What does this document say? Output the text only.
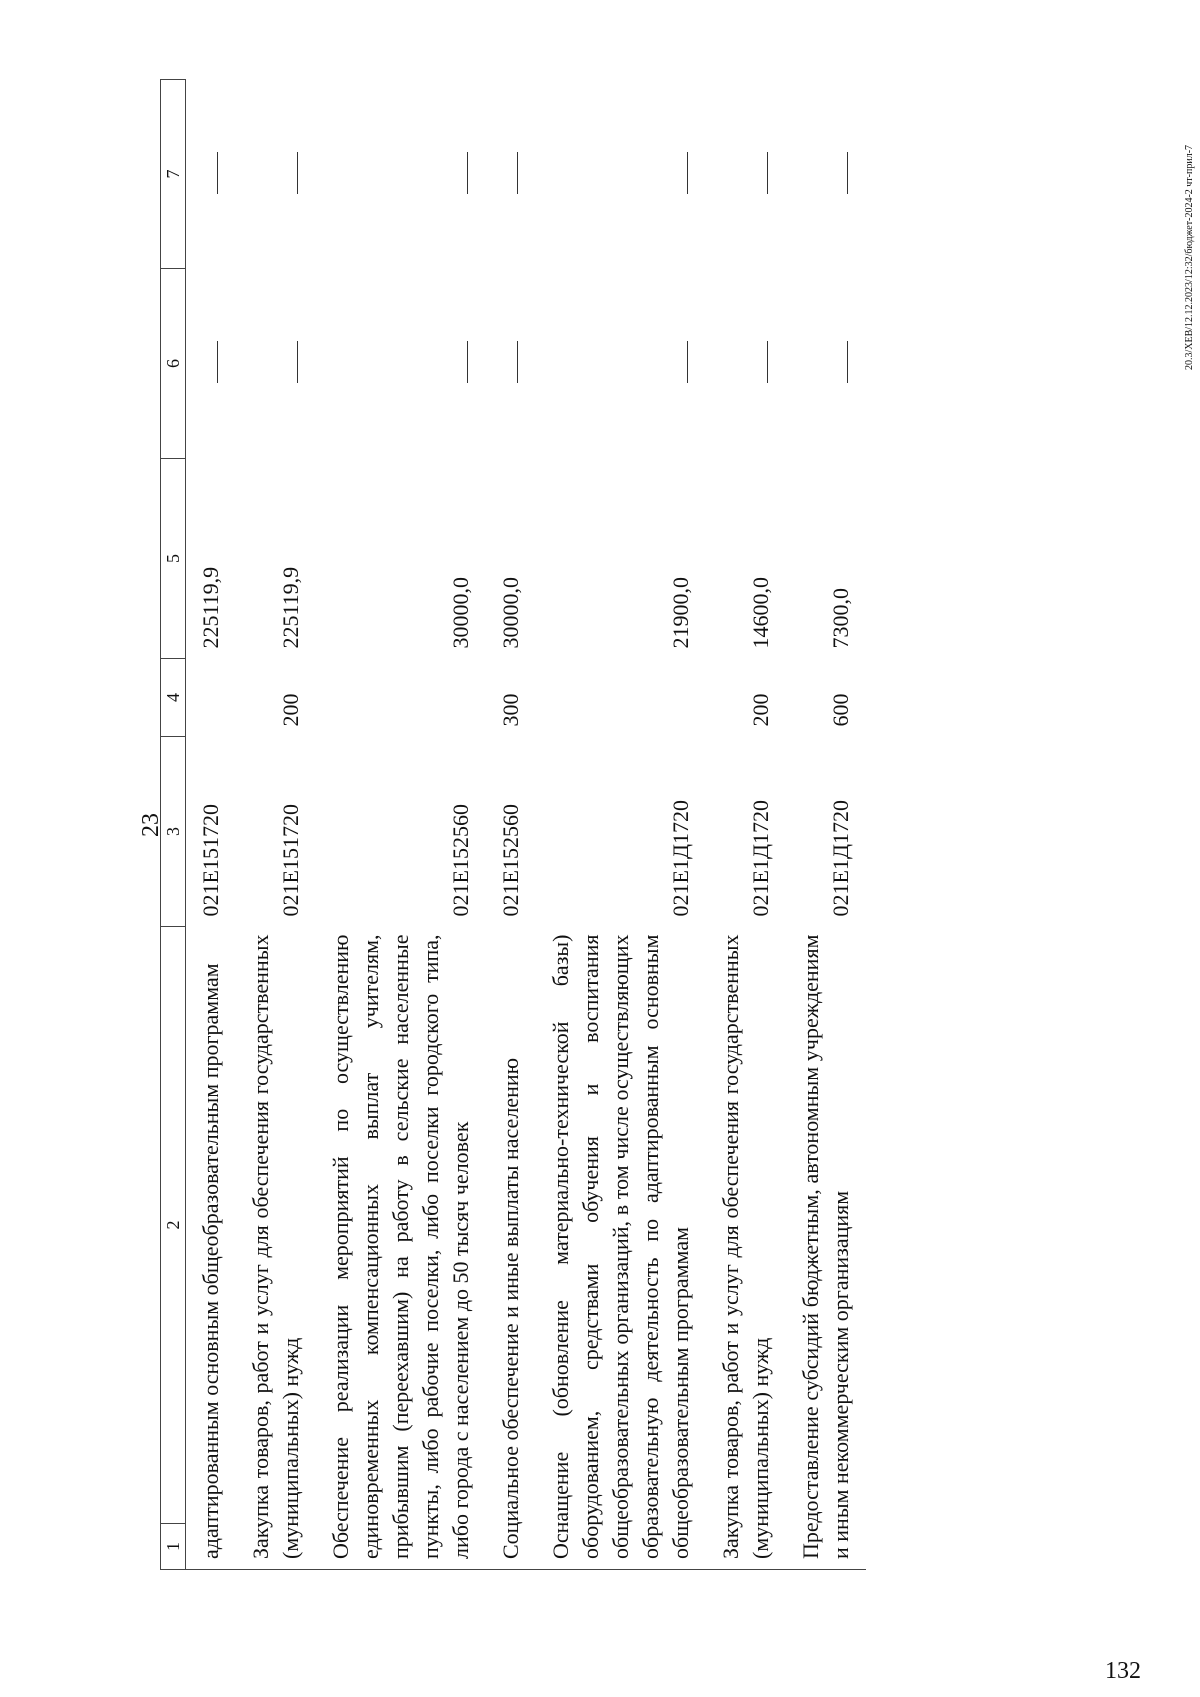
23
1	2	3	4	5	6	7
адаптированным основным общеобразовательным программам		021Е151720		225119,9		
Закупка товаров, работ и услуг для обеспечения государственных (муниципальных) нужд		021Е151720	200	225119,9		
Обеспечение реализации мероприятий по осуществлению единовременных компенсационных выплат учителям, прибывшим (переехавшим) на работу в сельские населенные пункты, либо рабочие поселки, либо поселки городского типа, либо города с населением до 50 тысяч человек		021Е152560		30000,0		
Социальное обеспечение и иные выплаты населению		021Е152560	300	30000,0		
Оснащение (обновление материально-технической базы) оборудованием, средствами обучения и воспитания общеобразовательных организаций, в том числе осуществляющих образовательную деятельность по адаптированным основным общеобразовательным программам		021Е1Д1720		21900,0		
Закупка товаров, работ и услуг для обеспечения государственных (муниципальных) нужд		021Е1Д1720	200	14600,0		
Предоставление субсидий бюджетным, автономным учреждениям и иным некоммерческим организациям		021Е1Д1720	600	7300,0		
20.3/ХЕВ/12.12.2023/12:32/бюджет-2024-2 чт-прил-7
132
